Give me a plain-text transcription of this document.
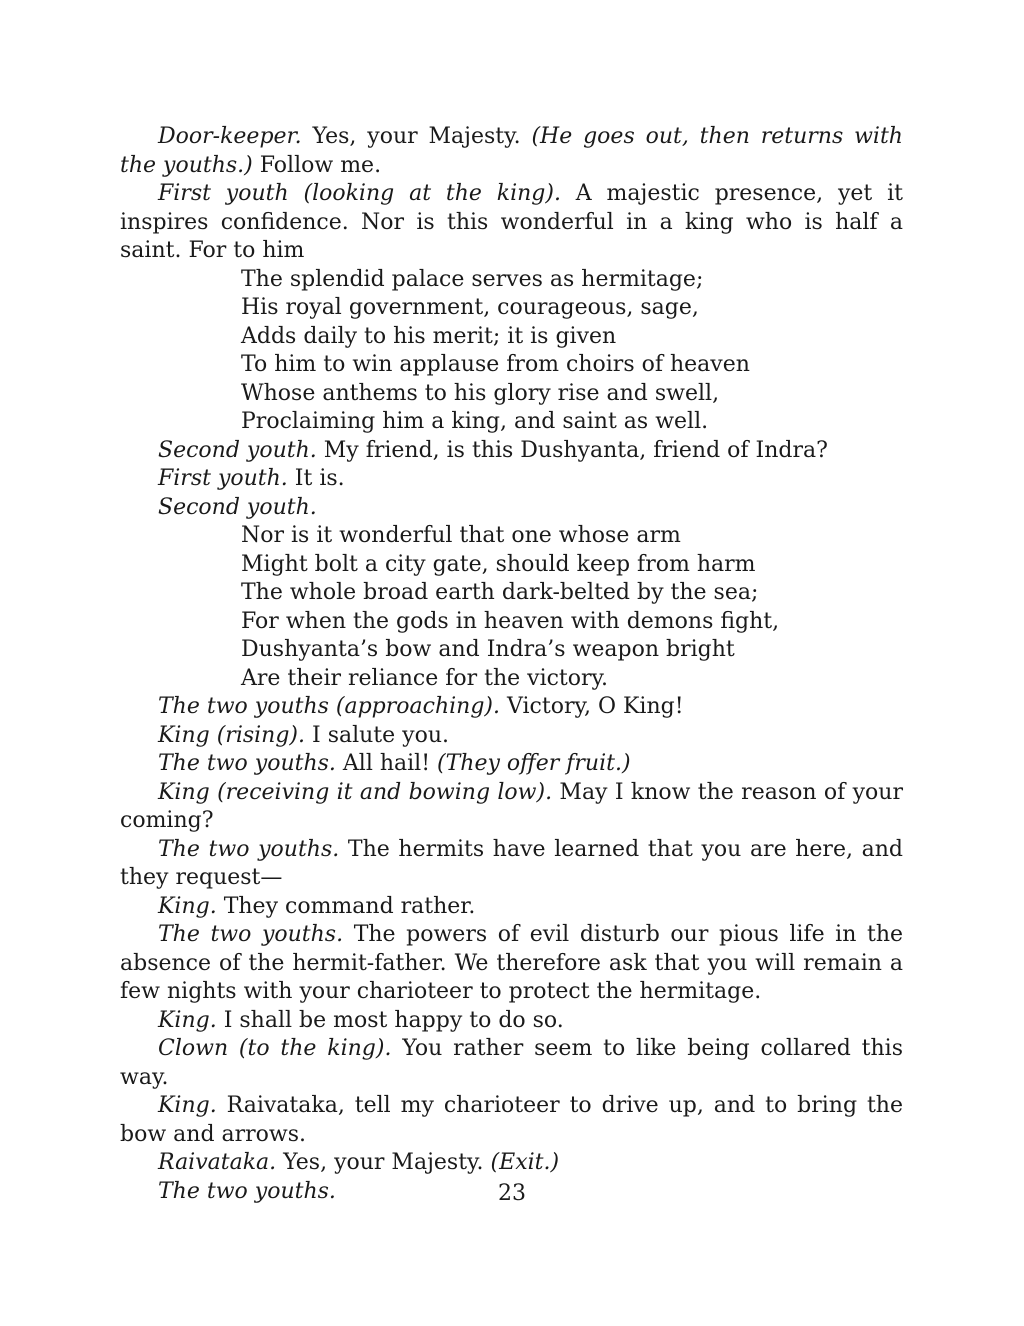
Door-keeper. Yes, your Majesty. (He goes out, then returns with the youths.) Follow me.

First youth (looking at the king). A majestic presence, yet it inspires confidence. Nor is this wonderful in a king who is half a saint. For to him

The splendid palace serves as hermitage;
His royal government, courageous, sage,
Adds daily to his merit; it is given
To him to win applause from choirs of heaven
Whose anthems to his glory rise and swell,
Proclaiming him a king, and saint as well.

Second youth. My friend, is this Dushyanta, friend of Indra?

First youth. It is.

Second youth.

Nor is it wonderful that one whose arm
Might bolt a city gate, should keep from harm
The whole broad earth dark-belted by the sea;
For when the gods in heaven with demons fight,
Dushyanta’s bow and Indra’s weapon bright
Are their reliance for the victory.

The two youths (approaching). Victory, O King!

King (rising). I salute you.

The two youths. All hail! (They offer fruit.)

King (receiving it and bowing low). May I know the reason of your coming?

The two youths. The hermits have learned that you are here, and they request—

King. They command rather.

The two youths. The powers of evil disturb our pious life in the absence of the hermit-father. We therefore ask that you will remain a few nights with your charioteer to protect the hermitage.

King. I shall be most happy to do so.

Clown (to the king). You rather seem to like being collared this way.

King. Raivataka, tell my charioteer to drive up, and to bring the bow and arrows.

Raivataka. Yes, your Majesty. (Exit.)

The two youths.	23
